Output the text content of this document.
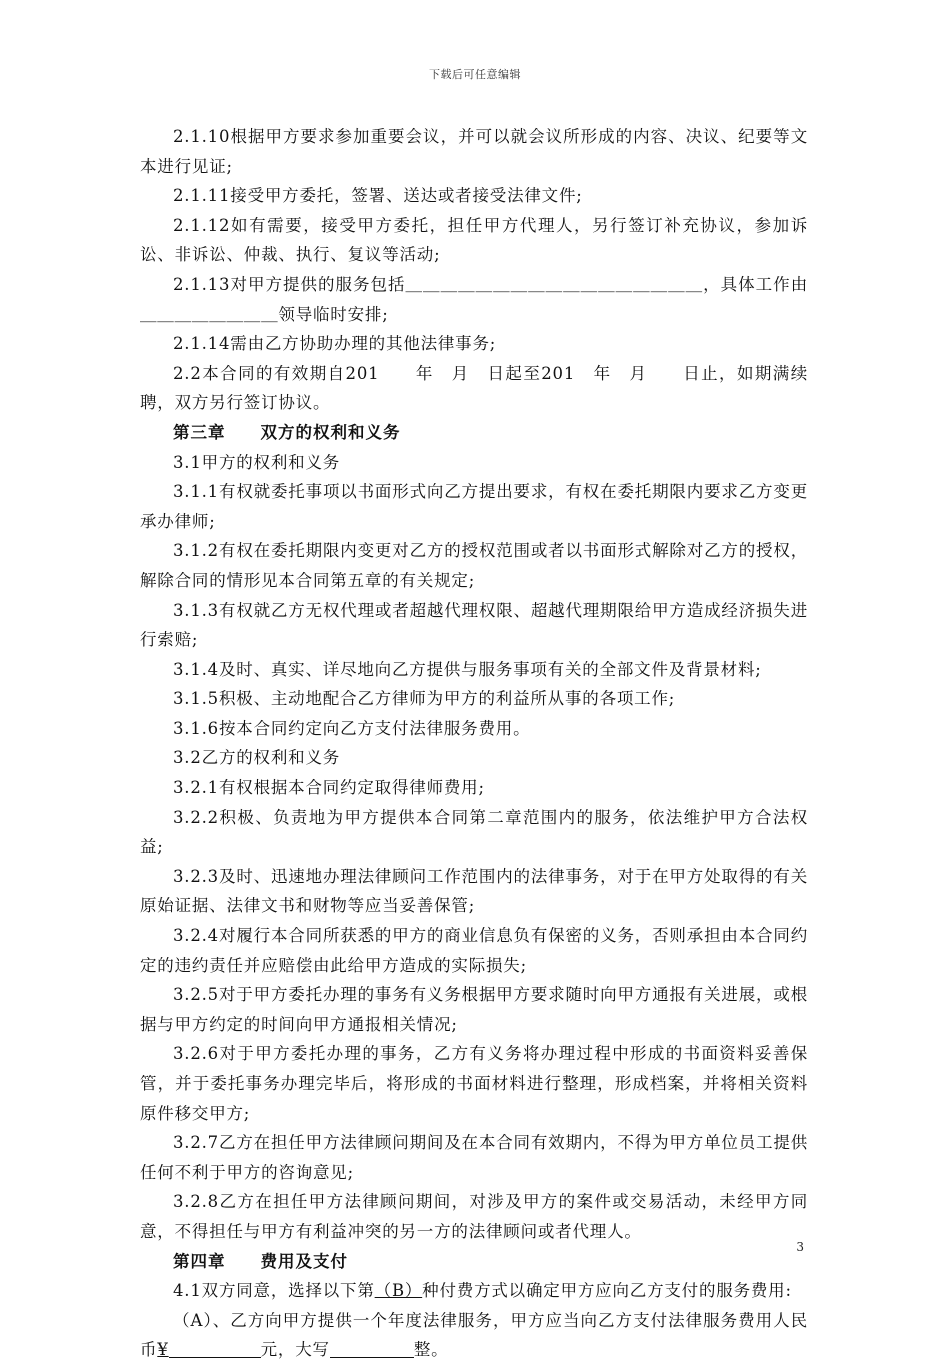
下载后可任意编辑

2.1.10根据甲方要求参加重要会议，并可以就会议所形成的内容、决议、纪要等文本进行见证;

2.1.11接受甲方委托，签署、送达或者接受法律文件;

2.1.12如有需要，接受甲方委托，担任甲方代理人，另行签订补充协议，参加诉讼、非诉讼、仲裁、执行、复议等活动;

2.1.13对甲方提供的服务包括＿＿＿＿＿＿＿＿＿＿＿＿＿＿＿＿＿，具体工作由＿＿＿＿＿＿＿＿领导临时安排;

2.1.14需由乙方协助办理的其他法律事务;

2.2本合同的有效期自201　　年　月　日起至201　年　月　　日止，如期满续聘，双方另行签订协议。

第三章　　双方的权利和义务

3.1甲方的权利和义务

3.1.1有权就委托事项以书面形式向乙方提出要求，有权在委托期限内要求乙方变更承办律师;

3.1.2有权在委托期限内变更对乙方的授权范围或者以书面形式解除对乙方的授权，解除合同的情形见本合同第五章的有关规定;

3.1.3有权就乙方无权代理或者超越代理权限、超越代理期限给甲方造成经济损失进行索赔;

3.1.4及时、真实、详尽地向乙方提供与服务事项有关的全部文件及背景材料;

3.1.5积极、主动地配合乙方律师为甲方的利益所从事的各项工作;

3.1.6按本合同约定向乙方支付法律服务费用。

3.2乙方的权利和义务

3.2.1有权根据本合同约定取得律师费用;

3.2.2积极、负责地为甲方提供本合同第二章范围内的服务，依法维护甲方合法权益;

3.2.3及时、迅速地办理法律顾问工作范围内的法律事务，对于在甲方处取得的有关原始证据、法律文书和财物等应当妥善保管;

3.2.4对履行本合同所获悉的甲方的商业信息负有保密的义务，否则承担由本合同约定的违约责任并应赔偿由此给甲方造成的实际损失;

3.2.5对于甲方委托办理的事务有义务根据甲方要求随时向甲方通报有关进展，或根据与甲方约定的时间向甲方通报相关情况;

3.2.6对于甲方委托办理的事务，乙方有义务将办理过程中形成的书面资料妥善保管，并于委托事务办理完毕后，将形成的书面材料进行整理，形成档案，并将相关资料原件移交甲方;

3.2.7乙方在担任甲方法律顾问期间及在本合同有效期内，不得为甲方单位员工提供任何不利于甲方的咨询意见;

3.2.8乙方在担任甲方法律顾问期间，对涉及甲方的案件或交易活动，未经甲方同意，不得担任与甲方有利益冲突的另一方的法律顾问或者代理人。

第四章　　费用及支付

4.1双方同意，选择以下第（B）种付费方式以确定甲方应向乙方支付的服务费用:

（A）、乙方向甲方提供一个年度法律服务，甲方应当向乙方支付法律服务费用人民币¥	元，大写	整。

3
